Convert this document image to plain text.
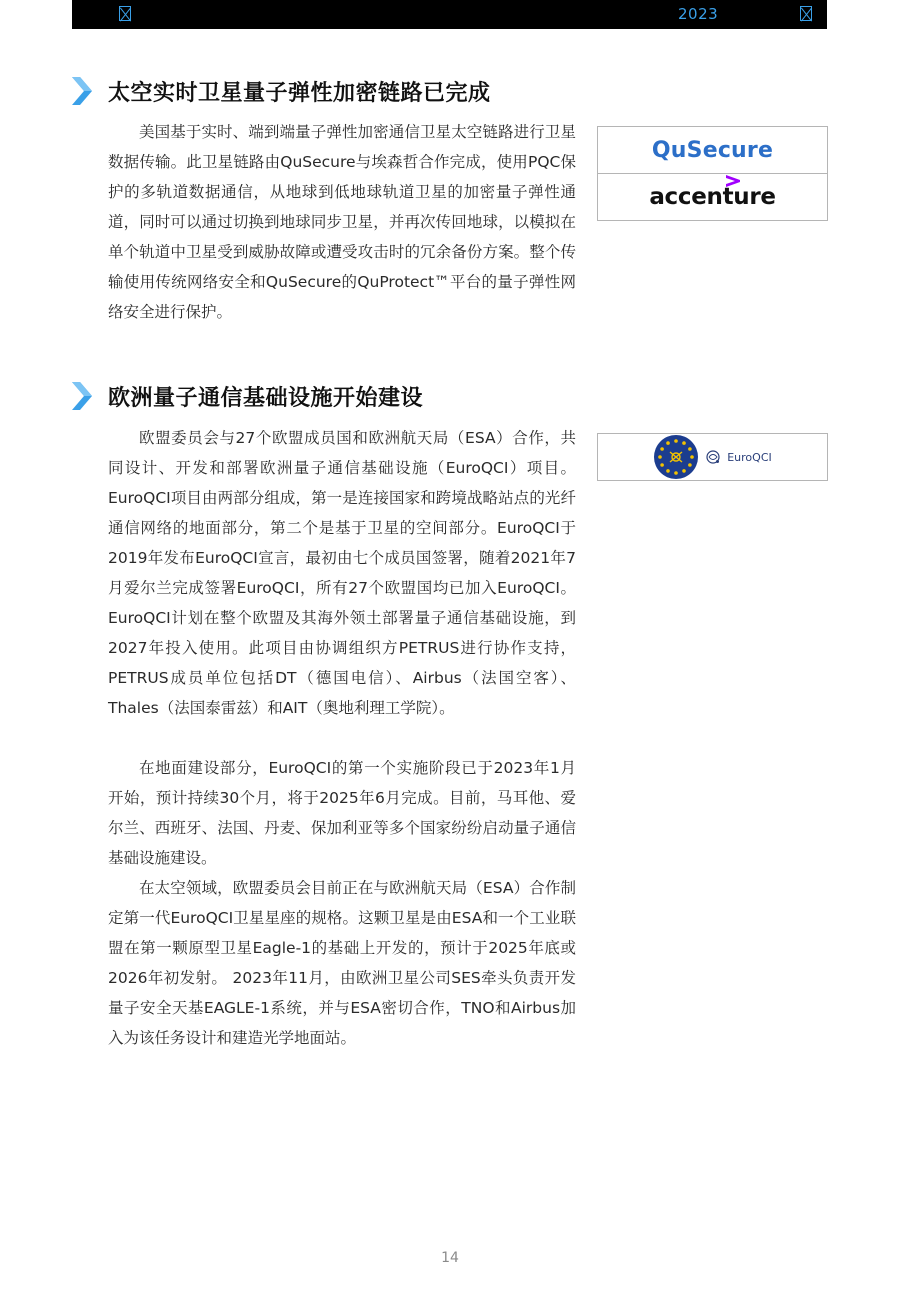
2023
太空实时卫星量子弹性加密链路已完成

美国基于实时、端到端量子弹性加密通信卫星太空链路进行卫星数据传输。此卫星链路由QuSecure与埃森哲合作完成，使用PQC保护的多轨道数据通信，从地球到低地球轨道卫星的加密量子弹性通道，同时可以通过切换到地球同步卫星，并再次传回地球，以模拟在单个轨道中卫星受到威胁故障或遭受攻击时的冗余备份方案。整个传输使用传统网络安全和QuSecure的QuProtect™平台的量子弹性网络安全进行保护。

QuSecure
accenture
欧洲量子通信基础设施开始建设

欧盟委员会与27个欧盟成员国和欧洲航天局（ESA）合作，共同设计、开发和部署欧洲量子通信基础设施（EuroQCI）项目。EuroQCI项目由两部分组成，第一是连接国家和跨境战略站点的光纤通信网络的地面部分，第二个是基于卫星的空间部分。EuroQCI于2019年发布EuroQCI宣言，最初由七个成员国签署，随着2021年7月爱尔兰完成签署EuroQCI，所有27个欧盟国均已加入EuroQCI。EuroQCI计划在整个欧盟及其海外领土部署量子通信基础设施，到2027年投入使用。此项目由协调组织方PETRUS进行协作支持，PETRUS成员单位包括DT（德国电信）、Airbus（法国空客）、Thales（法国泰雷兹）和AIT（奥地利理工学院）。

在地面建设部分，EuroQCI的第一个实施阶段已于2023年1月开始，预计持续30个月，将于2025年6月完成。目前，马耳他、爱尔兰、西班牙、法国、丹麦、保加利亚等多个国家纷纷启动量子通信基础设施建设。

在太空领域，欧盟委员会目前正在与欧洲航天局（ESA）合作制定第一代EuroQCI卫星星座的规格。这颗卫星是由ESA和一个工业联盟在第一颗原型卫星Eagle-1的基础上开发的，预计于2025年底或2026年初发射。 2023年11月，由欧洲卫星公司SES牵头负责开发量子安全天基EAGLE-1系统，并与ESA密切合作，TNO和Airbus加入为该任务设计和建造光学地面站。

EuroQCI
14
